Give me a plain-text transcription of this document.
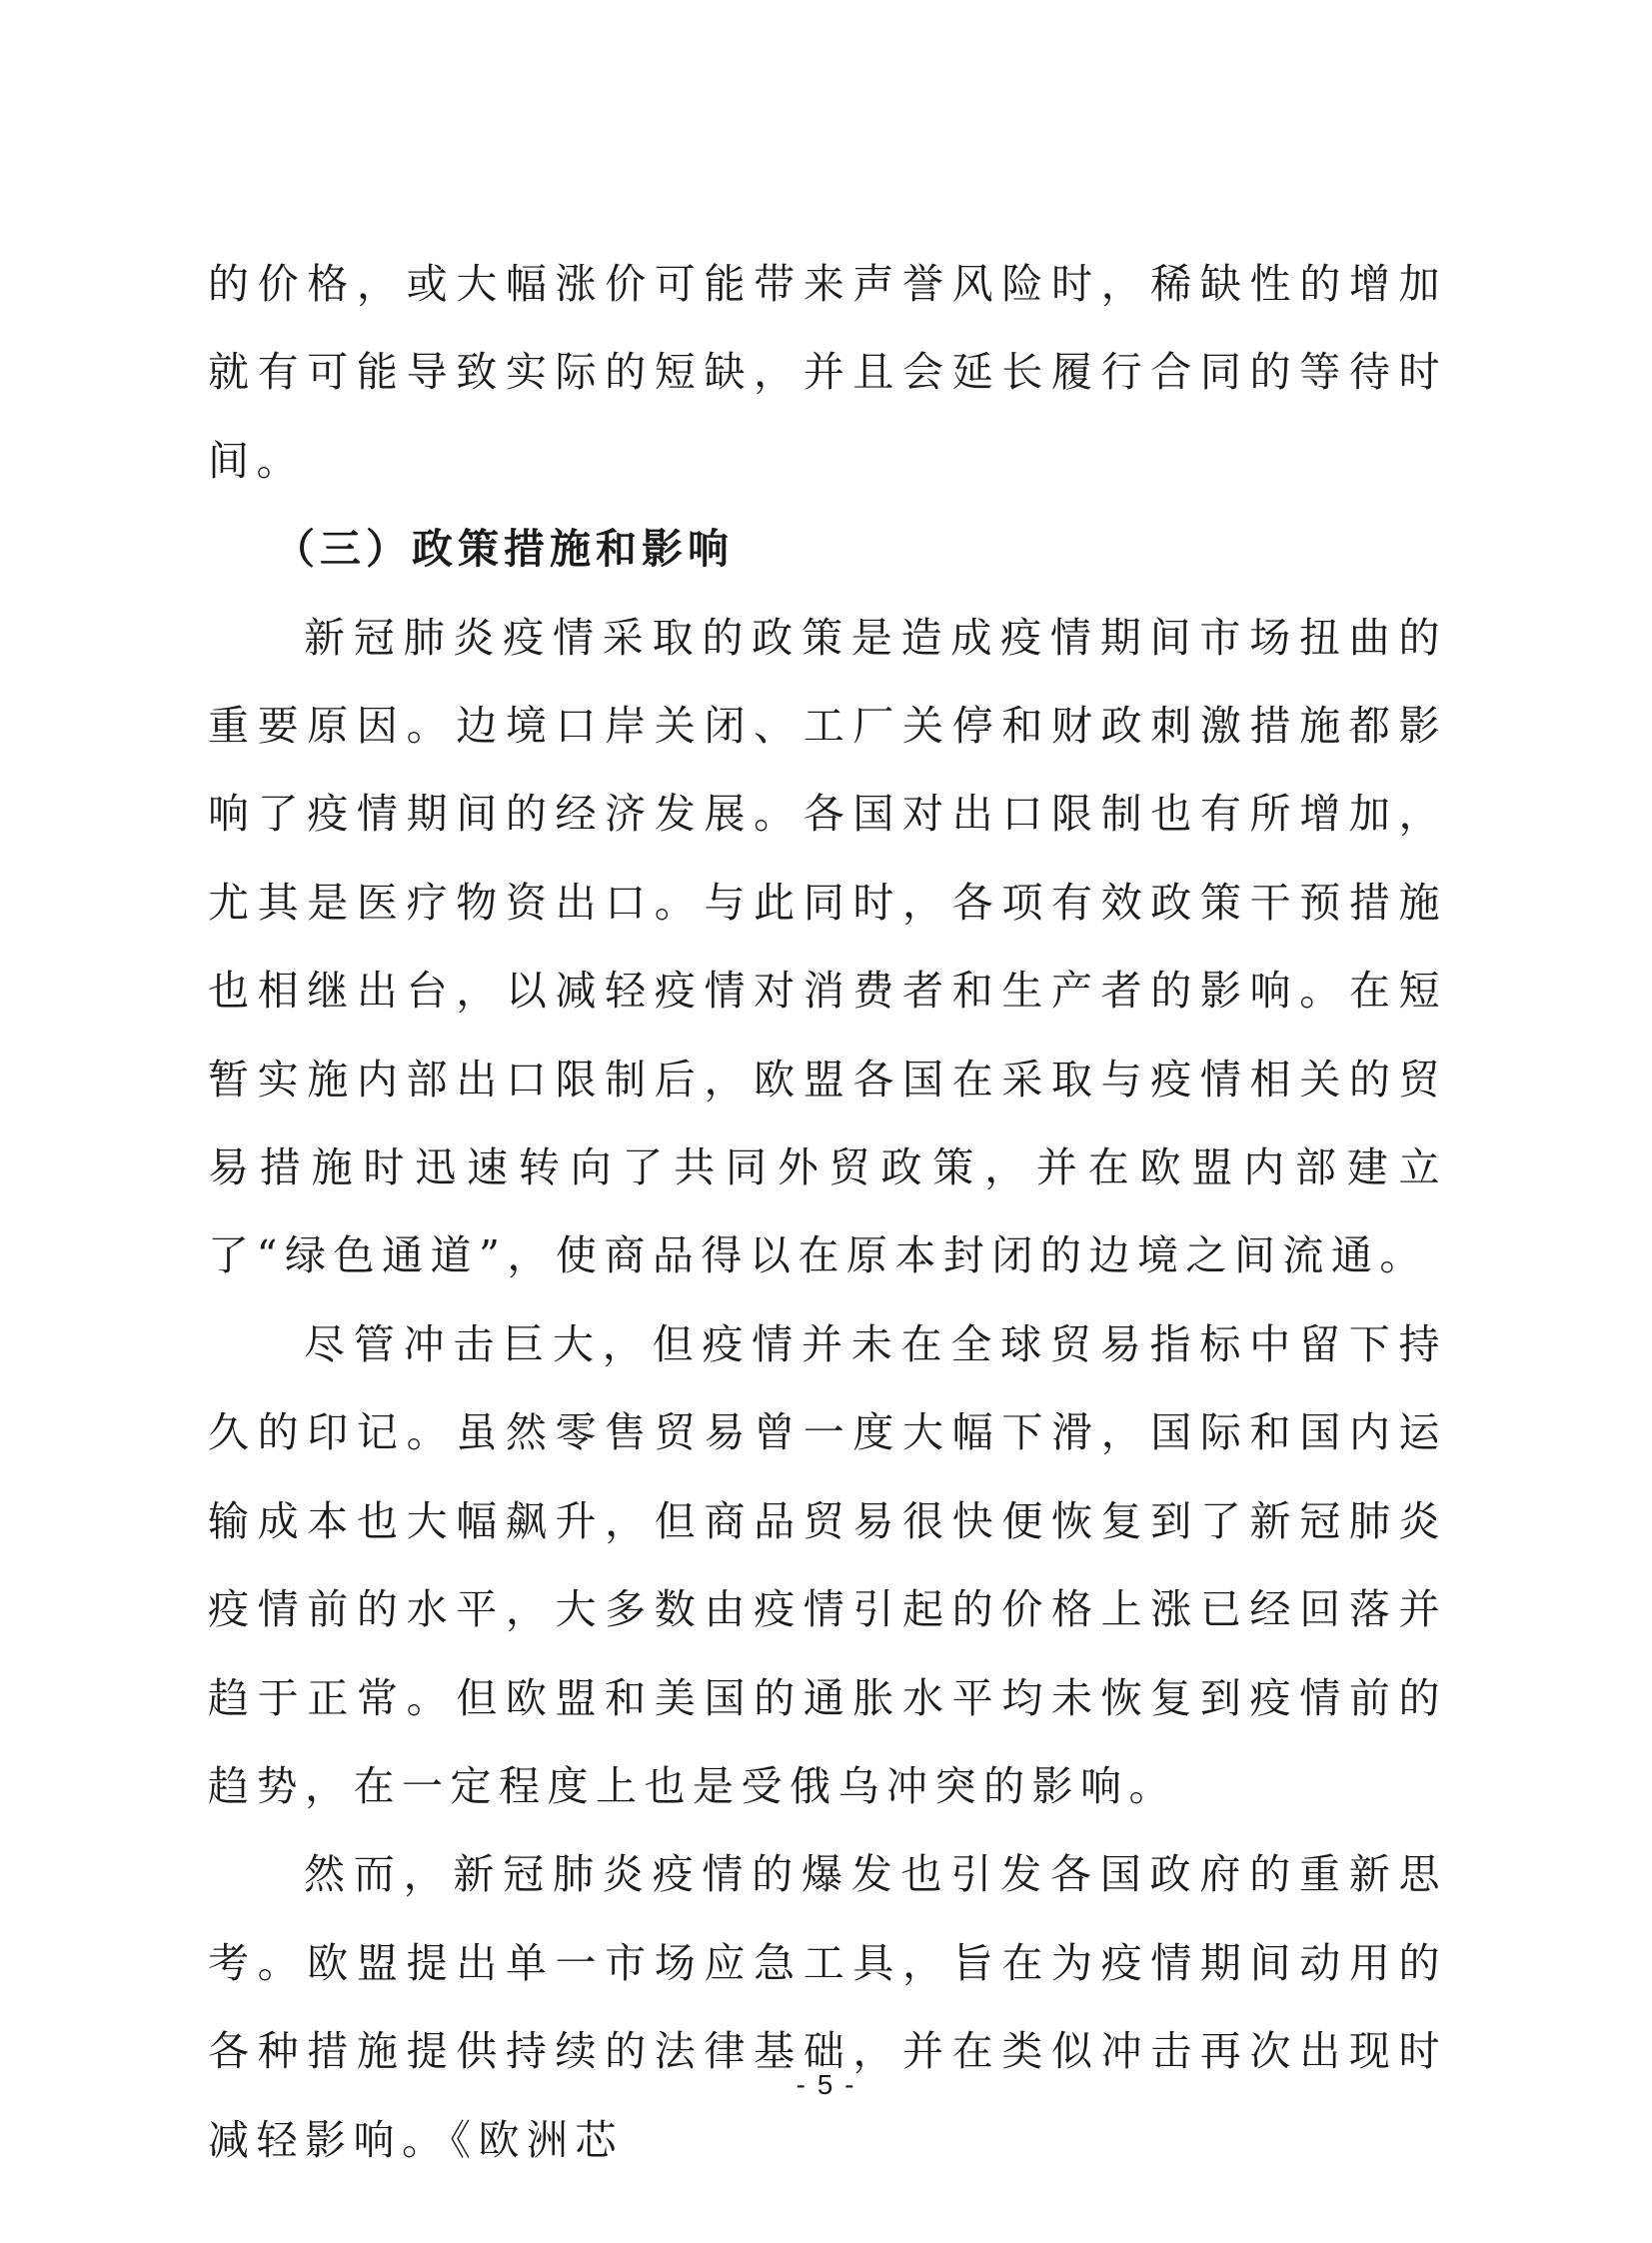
的价格，或大幅涨价可能带来声誉风险时，稀缺性的增加就有可能导致实际的短缺，并且会延长履行合同的等待时间。

（三）政策措施和影响

新冠肺炎疫情采取的政策是造成疫情期间市场扭曲的重要原因。边境口岸关闭、工厂关停和财政刺激措施都影响了疫情期间的经济发展。各国对出口限制也有所增加，尤其是医疗物资出口。与此同时，各项有效政策干预措施也相继出台，以减轻疫情对消费者和生产者的影响。在短暂实施内部出口限制后，欧盟各国在采取与疫情相关的贸易措施时迅速转向了共同外贸政策，并在欧盟内部建立了“绿色通道”，使商品得以在原本封闭的边境之间流通。

尽管冲击巨大，但疫情并未在全球贸易指标中留下持久的印记。虽然零售贸易曾一度大幅下滑，国际和国内运输成本也大幅飙升，但商品贸易很快便恢复到了新冠肺炎疫情前的水平，大多数由疫情引起的价格上涨已经回落并趋于正常。但欧盟和美国的通胀水平均未恢复到疫情前的趋势，在一定程度上也是受俄乌冲突的影响。

然而，新冠肺炎疫情的爆发也引发各国政府的重新思考。欧盟提出单一市场应急工具，旨在为疫情期间动用的各种措施提供持续的法律基础，并在类似冲击再次出现时减轻影响。《欧洲芯

- 5 -
